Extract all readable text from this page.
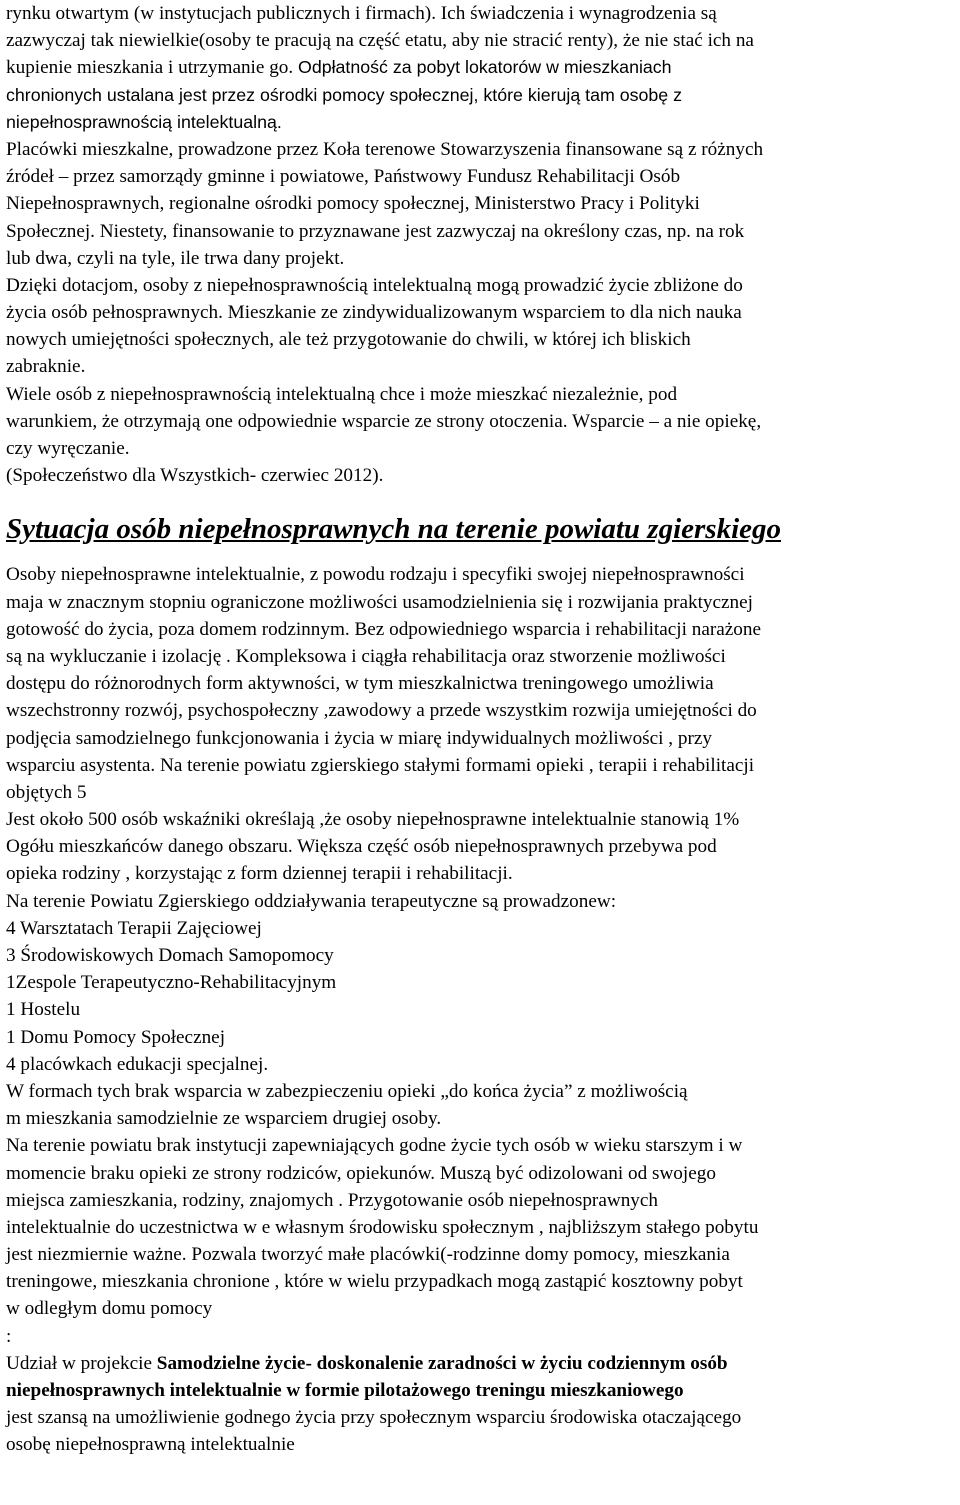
rynku otwartym (w instytucjach publicznych i firmach). Ich świadczenia i wynagrodzenia są
zazwyczaj tak niewielkie(osoby te pracują na część etatu, aby nie stracić renty), że nie stać ich na
kupienie mieszkania i utrzymanie go. Odpłatność za pobyt lokatorów w mieszkaniach
chronionych ustalana jest przez ośrodki pomocy społecznej, które kierują tam osobę z
niepełnosprawnością intelektualną.
Placówki mieszkalne, prowadzone przez Koła terenowe Stowarzyszenia finansowane są z różnych
źródeł – przez samorządy gminne i powiatowe, Państwowy Fundusz Rehabilitacji Osób
Niepełnosprawnych, regionalne ośrodki pomocy społecznej, Ministerstwo Pracy i Polityki
Społecznej. Niestety, finansowanie to przyznawane jest zazwyczaj na określony czas, np. na rok
lub dwa, czyli na tyle, ile trwa dany projekt.
Dzięki dotacjom, osoby z niepełnosprawnością intelektualną mogą prowadzić życie zbliżone do
życia osób pełnosprawnych. Mieszkanie ze zindywidualizowanym wsparciem to dla nich nauka
nowych umiejętności społecznych, ale też przygotowanie do chwili, w której ich bliskich
zabraknie.
Wiele osób z niepełnosprawnością intelektualną chce i może mieszkać niezależnie, pod
warunkiem, że otrzymają one odpowiednie wsparcie ze strony otoczenia. Wsparcie – a nie opiekę,
czy wyręczanie.
(Społeczeństwo dla Wszystkich- czerwiec 2012).
Sytuacja osób niepełnosprawnych na terenie powiatu zgierskiego
Osoby niepełnosprawne intelektualnie, z powodu rodzaju i specyfiki swojej niepełnosprawności
maja w znacznym stopniu ograniczone możliwości usamodzielnienia się i rozwijania praktycznej
gotowość do życia, poza domem rodzinnym. Bez odpowiedniego wsparcia i rehabilitacji narażone
są na wykluczanie i izolację . Kompleksowa i ciągła rehabilitacja oraz stworzenie możliwości
dostępu do różnorodnych form aktywności, w tym mieszkalnictwa treningowego umożliwia
wszechstronny rozwój, psychospołeczny ,zawodowy a przede wszystkim rozwija umiejętności do
podjęcia samodzielnego funkcjonowania i życia w miarę indywidualnych możliwości , przy
wsparciu asystenta. Na terenie powiatu zgierskiego stałymi formami opieki , terapii i rehabilitacji
objętych 5
Jest około 500 osób wskaźniki określają ,że osoby niepełnosprawne intelektualnie stanowią 1%
Ogółu mieszkańców danego obszaru. Większa część osób niepełnosprawnych przebywa pod
opieka rodziny , korzystając z form dziennej terapii i rehabilitacji.
Na terenie Powiatu Zgierskiego oddziaływania terapeutyczne są prowadzonew:
4 Warsztatach Terapii Zajęciowej
3 Środowiskowych Domach Samopomocy
1Zespole Terapeutyczno-Rehabilitacyjnym
1 Hostelu
1 Domu Pomocy Społecznej
4 placówkach edukacji specjalnej.
W formach tych brak wsparcia w zabezpieczeniu opieki „do końca życia” z możliwością
m mieszkania samodzielnie ze wsparciem drugiej osoby.
Na terenie powiatu brak instytucji zapewniających godne życie tych osób w wieku starszym i w
momencie braku opieki ze strony rodziców, opiekunów. Muszą być odizolowani od swojego
miejsca zamieszkania, rodziny, znajomych . Przygotowanie osób niepełnosprawnych
intelektualnie do uczestnictwa w e własnym środowisku społecznym , najbliższym stałego pobytu
jest niezmiernie ważne. Pozwala tworzyć małe placówki(-rodzinne domy pomocy, mieszkania
treningowe, mieszkania chronione , które w wielu przypadkach mogą zastąpić kosztowny pobyt
w odległym domu pomocy
:
Udział w projekcie Samodzielne życie- doskonalenie zaradności w życiu codziennym osób
niepełnosprawnych intelektualnie w formie pilotażowego treningu mieszkaniowego
jest szansą na umożliwienie godnego życia przy społecznym wsparciu środowiska otaczającego
osobę niepełnosprawną intelektualnie
